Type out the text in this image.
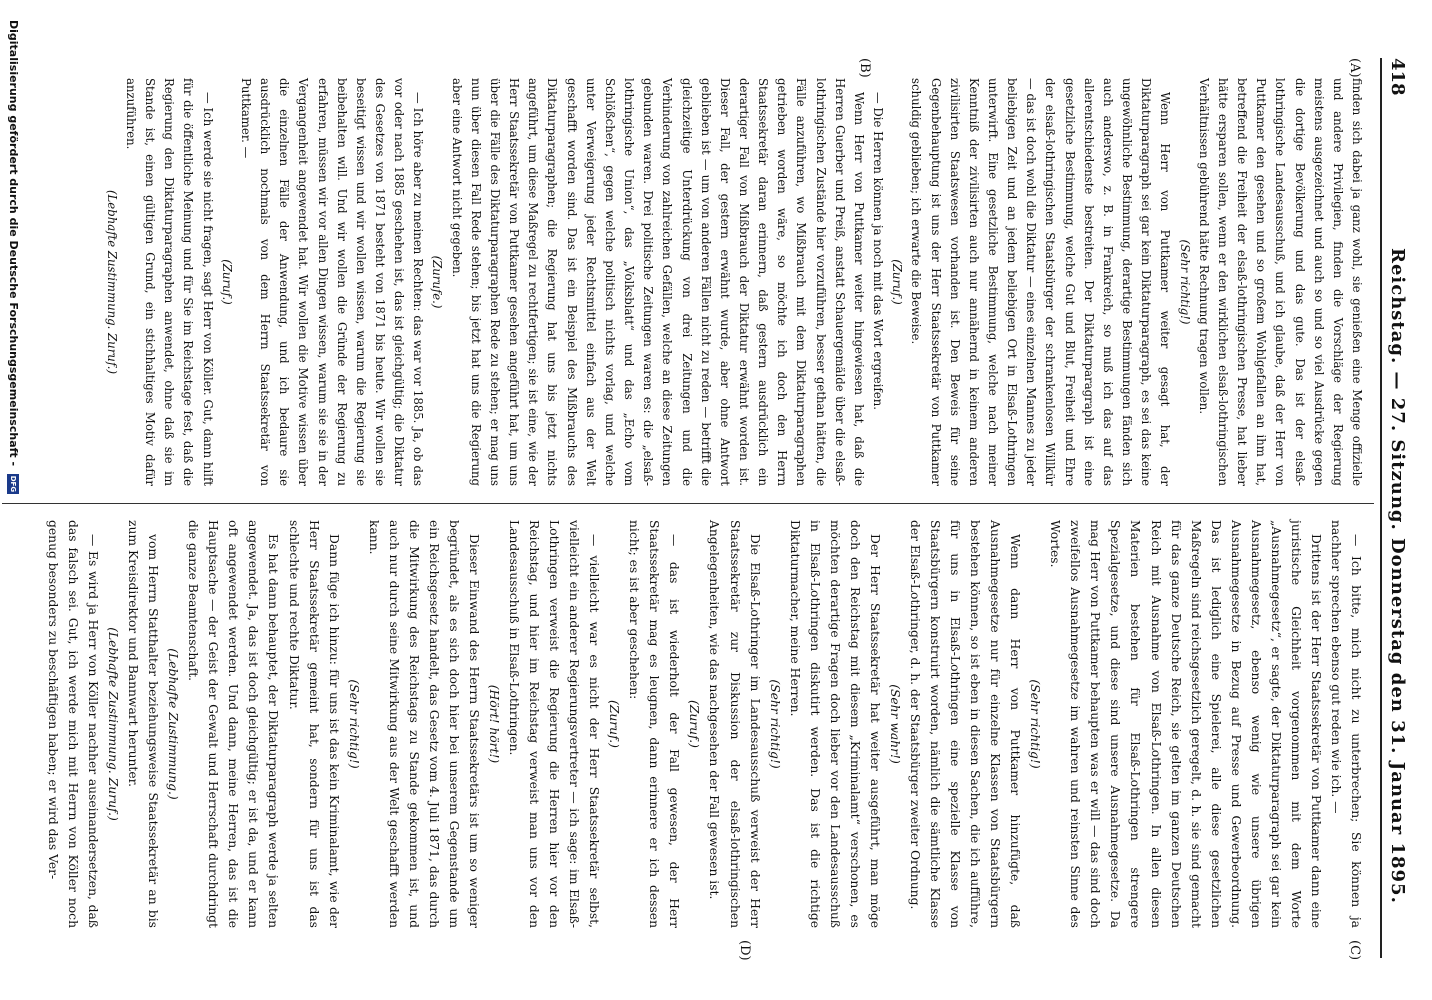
418
Reichstag. — 27. Sitzung. Donnerstag den 31. Januar 1895.
(A)
(B)
(C)
(D)

finden sich dabei ja ganz wohl, sie genießen eine Menge offizielle und andere Privilegien, finden die Vorschläge der Regierung meistens ausgezeichnet und auch so und so viel Ausdrücke gegen die dortige Bevölkerung und das gute. Das ist der elsaß-lothringische Landesausschuß, und ich glaube, daß der Herr von Puttkamer den gesehen und so großem Wohlgefallen an ihm hat, betreffend die Freiheit der elsaß-lothringischen Presse, hat lieber hätte ersparen sollen, wenn er den wirklichen elsaß-lothringischen Verhältnissen gebührend hätte Rechnung tragen wollen.

(Sehr richtig!)

Wenn Herr von Puttkamer weiter gesagt hat, der Diktaturparagraph sei gar kein Diktaturparagraph, es sei das keine ungewöhnliche Bestimmung, derartige Bestimmungen fänden sich auch anderswo, z. B. in Frankreich, so muß ich das auf das allerentschiedenste bestreiten. Der Diktaturparagraph ist eine gesetzliche Bestimmung, welche Gut und Blut, Freiheit und Ehre der elsaß-lothringischen Staatsbürger der schrankenlosen Willkür — das ist doch wohl die Diktatur — eines einzelnen Mannes zu jeder beliebigen Zeit und an jedem beliebigen Ort in Elsaß-Lothringen unterwirft. Eine gesetzliche Bestimmung, welche nach meiner Kenntniß der zivilisirten auch nur annähernd in keinem anderen zivilisirten Staatswesen vorhanden ist. Den Beweis für seine Gegenbehauptung ist uns der Herr Staatssekretär von Puttkamer schuldig geblieben; ich erwarte die Beweise.

(Zuruf.)

— Die Herren können ja noch mit das Wort ergreifen.

Wenn Herr von Puttkamer weiter hingewiesen hat, daß die Herren Guerber und Preiß, anstatt Schauergemälde über die elsaß-lothringischen Zustände hier vorzuführen, besser gethan hätten, die Fälle anzuführen, wo Mißbrauch mit dem Diktaturparagraphen getrieben worden wäre, so möchte ich doch den Herrn Staatssekretär daran erinnern, daß gestern ausdrücklich ein derartiger Fall von Mißbrauch der Diktatur erwähnt worden ist. Dieser Fall, der gestern erwähnt wurde, aber ohne Antwort geblieben ist — um von anderen Fällen nicht zu reden — betrifft die gleichzeitige Unterdrückung von drei Zeitungen und die Verhinderung von zahlreichen Gefällen, welche an diese Zeitungen gebunden waren. Drei politische Zeitungen waren es: die „elsaß-lothringische Union“, das „Volksblatt“ und das „Echo vom Schlößchen“, gegen welche politisch nichts vorlag, und welche unter Verweigerung jeder Rechtsmittel einfach aus der Welt geschafft worden sind. Das ist ein Beispiel des Mißbrauchs des Diktaturparagraphen; die Regierung hat uns bis jetzt nichts angeführt, um diese Maßregel zu rechtfertigen; sie ist eine, wie der Herr Staatssekretär von Puttkamer gesehen angeführt hat, um uns über die Fälle des Diktaturparagraphen Rede zu stehen; er mag uns nun über diesen Fall Rede stehen; bis jetzt hat uns die Regierung aber eine Antwort nicht gegeben.

(Zurufe.)

— Ich höre aber zu meinen Rechten: das war vor 1885. Ja, ob das vor oder nach 1885 geschehen ist, das ist gleichgültig; die Diktatur des Gesetzes von 1871 besteht von 1871 bis heute. Wir wollen sie beseitigt wissen und wir wollen wissen, warum die Regierung sie beibehalten will. Und wir wollen die Gründe der Regierung zu erfahren, müssen wir vor allen Dingen wissen, warum sie sie in der Vergangenheit angewendet hat. Wir wollen die Motive wissen über die einzelnen Fälle der Anwendung, und ich bedaure sie ausdrücklich nochmals von dem Herrn Staatssekretär von Puttkamer. —

(Zuruf.)

— Ich werde sie nicht fragen, sagt Herr von Köller. Gut, dann hilft für die öffentliche Meinung und für Sie im Reichstage fest, daß die Regierung den Diktaturparagraphen anwendet, ohne daß sie im Stande ist, einen gültigen Grund, ein stichhaltiges Motiv dafür anzuführen.

(Lebhafte Zustimmung. Zuruf.)

— Ich bitte, mich nicht zu unterbrechen; Sie können ja nachher sprechen ebenso gut reden wie ich. —

Drittens ist der Herr Staatssekretär von Puttkamer dann eine juristische Gleichheit vorgenommen mit dem Worte „Ausnahmegesetz“, er sagte, der Diktaturparagraph sei gar kein Ausnahmegesetz, ebenso wenig wie unsere übrigen Ausnahmegesetze in Bezug auf Presse und Gewerbeordnung. Das ist lediglich eine Spielerei, alle diese gesetzlichen Maßregeln sind reichsgesetzlich geregelt, d. h. sie sind gemacht für das ganze Deutsche Reich, sie gelten im ganzen Deutschen Reich mit Ausnahme von Elsaß-Lothringen. In allen diesen Materien bestehen für Elsaß-Lothringen strengere Spezialgesetze, und diese sind unsere Ausnahmegesetze. Da mag Herr von Puttkamer behaupten was er will — das sind doch zweifellos Ausnahmegesetze im wahren und reinsten Sinne des Wortes.

(Sehr richtig!)

Wenn dann Herr von Puttkamer hinzufügte, daß Ausnahmegesetze nur für einzelne Klassen von Staatsbürgern bestehen können, so ist eben in diesen Sachen, die ich aufführe, für uns in Elsaß-Lothringen eine spezielle Klasse von Staatsbürgern konstruirt worden, nämlich die sämtliche Klasse der Elsaß-Lothringer, d. h. der Staatsbürger zweiter Ordnung.

(Sehr wahr!)

Der Herr Staatssekretär hat weiter ausgeführt, man möge doch den Reichstag mit diesem „Kriminalamt“ verschonen, es möchten derartige Fragen doch lieber vor den Landesausschuß in Elsaß-Lothringen diskutirt werden. Das ist die richtige Diktaturmacher, meine Herren.

(Sehr richtig!)

Die Elsaß-Lothringer im Landesausschuß verweist der Herr Staatssekretär zur Diskussion der elsaß-lothringischen Angelegenheiten, wie das nachgesehen der Fall gewesen ist.

(Zuruf.)

— das ist wiederholt der Fall gewesen, der Herr Staatssekretär mag es leugnen, dann erinnere er ich dessen nicht; es ist aber geschehen:

(Zuruf.)

— vielleicht war es nicht der Herr Staatssekretär selbst, vielleicht ein anderer Regierungsvertreter — ich sage: im Elsaß-Lothringen verweist die Regierung die Herren hier vor den Reichstag, und hier im Reichstag verweist man uns vor den Landesausschuß in Elsaß-Lothringen.

(Hört! hört!)

Dieser Einwand des Herrn Staatssekretärs ist um so weniger begründet, als es sich doch hier bei unserem Gegenstande um ein Reichsgesetz handelt, das Gesetz vom 4. Juli 1871, das durch die Mitwirkung des Reichstags zu Stande gekommen ist, und auch nur durch seine Mitwirkung aus der Welt geschafft werden kann.

(Sehr richtig!)

Dann füge ich hinzu: für uns ist das kein Kriminalamt, wie der Herr Staatssekretär gemeint hat, sondern für uns ist das schlechte und rechte Diktatur.

Es hat dann behauptet, der Diktaturparagraph werde ja selten angewendet. Ja, das ist doch gleichgültig; er ist da, und er kann oft angewendet werden. Und dann, meine Herren, das ist die Hauptsache — der Geist der Gewalt und Herrschaft durchdringt die ganze Beamtenschaft.

(Lebhafte Zustimmung.)

vom Herrn Statthalter beziehungsweise Staatssekretär an bis zum Kreisdirektor und Bannwart herunter.

(Lebhafte Zustimmung. Zuruf.)

— Es wird ja Herr von Köller nachher auseinandersetzen, daß das falsch sei. Gut, ich werde mich mit Herrn von Köller noch genug besonders zu beschäftigen haben; er wird das Ver-

Digitalisierung gefördert durch die Deutsche Forschungsgemeinschaft - DFG
